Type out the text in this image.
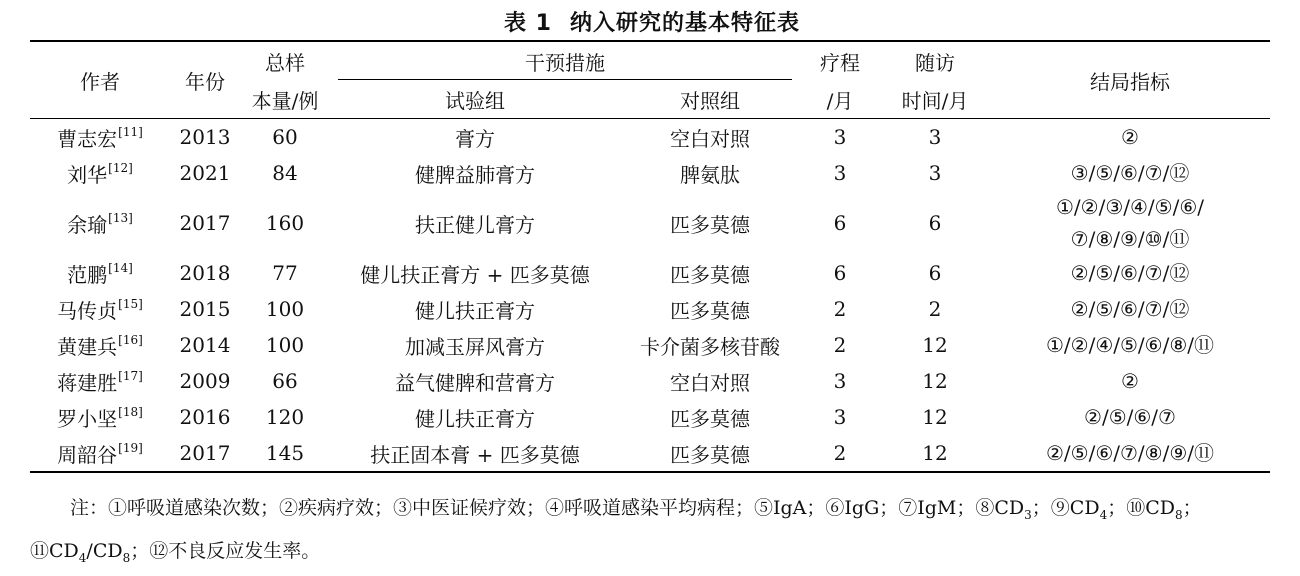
表 1 纳入研究的基本特征表
作者	年份	总样	干预措施		疗程	随访	结局指标
		本量/例	试验组	对照组	/月	时间/月	
曹志宏[11]	2013	60	膏方	空白对照	3	3	②

刘华[12]	2021	84	健脾益肺膏方	脾氨肽	3	3	③/⑤/⑥/⑦/⑫

余瑜[13]	2017	160	扶正健儿膏方	匹多莫德	6	6	①/②/③/④/⑤/⑥/
⑦/⑧/⑨/⑩/⑪

范鹏[14]	2018	77	健儿扶正膏方 + 匹多莫德	匹多莫德	6	6	②/⑤/⑥/⑦/⑫

马传贞[15]	2015	100	健儿扶正膏方	匹多莫德	2	2	②/⑤/⑥/⑦/⑫

黄建兵[16]	2014	100	加减玉屏风膏方	卡介菌多核苷酸	2	12	①/②/④/⑤/⑥/⑧/⑪

蒋建胜[17]	2009	66	益气健脾和营膏方	空白对照	3	12	②

罗小坚[18]	2016	120	健儿扶正膏方	匹多莫德	3	12	②/⑤/⑥/⑦

周韶谷[19]	2017	145	扶正固本膏 + 匹多莫德	匹多莫德	2	12	②/⑤/⑥/⑦/⑧/⑨/⑪
注：①呼吸道感染次数；②疾病疗效；③中医证候疗效；④呼吸道感染平均病程；⑤IgA；⑥IgG；⑦IgM；$⑧CD_3$；$⑨CD_4$；$⑩CD_8$；$⑪CD_4/CD_8$；⑫不良反应发生率。
